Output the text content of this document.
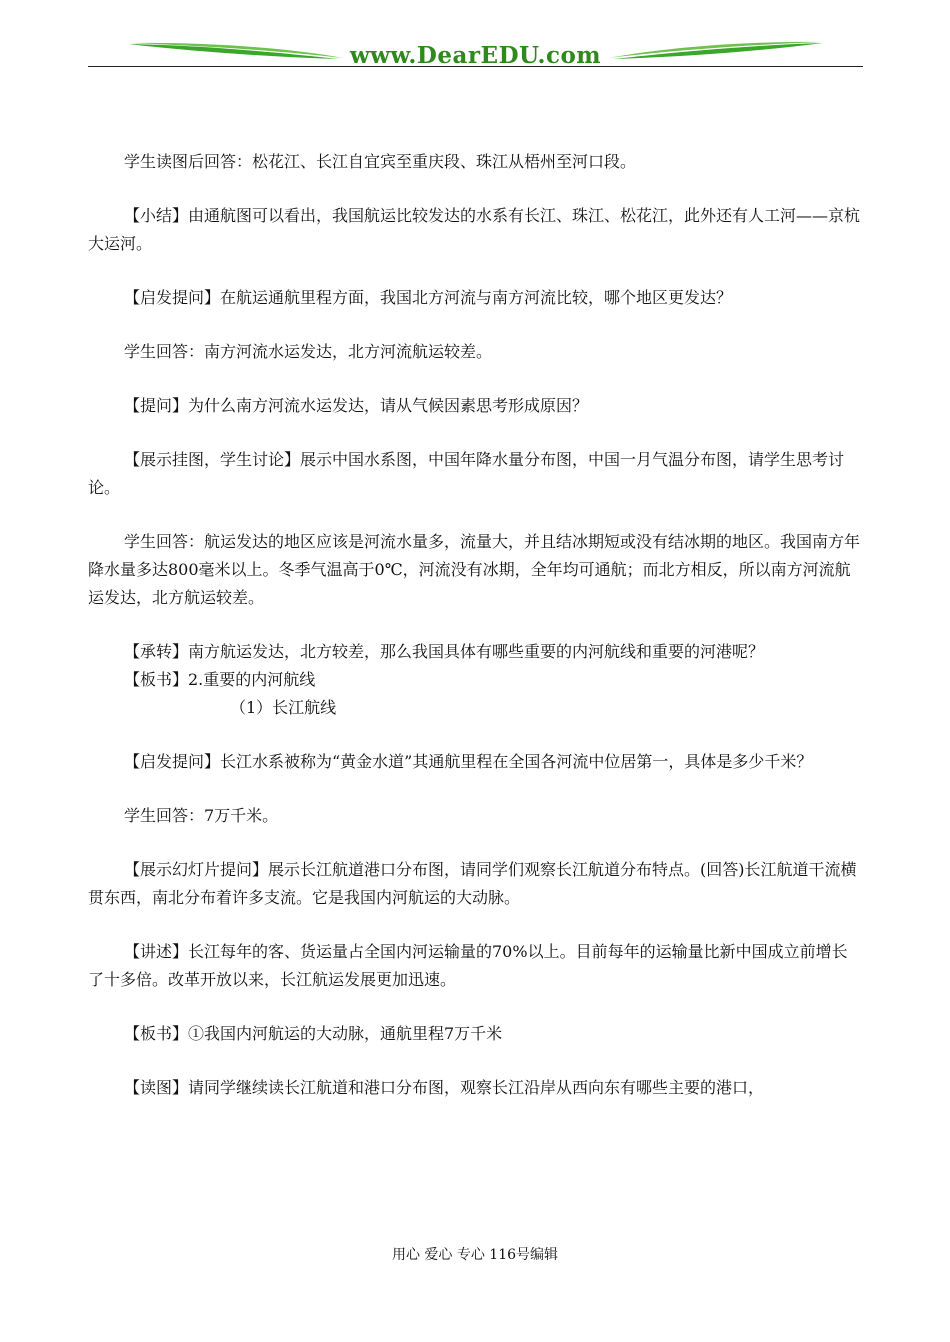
www.DearEDU.com

学生读图后回答：松花江、长江自宜宾至重庆段、珠江从梧州至河口段。

【小结】由通航图可以看出，我国航运比较发达的水系有长江、珠江、松花江，此外还有人工河——京杭大运河。

【启发提问】在航运通航里程方面，我国北方河流与南方河流比较，哪个地区更发达？

学生回答：南方河流水运发达，北方河流航运较差。

【提问】为什么南方河流水运发达，请从气候因素思考形成原因？

【展示挂图，学生讨论】展示中国水系图，中国年降水量分布图，中国一月气温分布图，请学生思考讨论。

学生回答：航运发达的地区应该是河流水量多，流量大，并且结冰期短或没有结冰期的地区。我国南方年降水量多达800毫米以上。冬季气温高于0℃，河流没有冰期，全年均可通航；而北方相反，所以南方河流航运发达，北方航运较差。

【承转】南方航运发达，北方较差，那么我国具体有哪些重要的内河航线和重要的河港呢？

【板书】2.重要的内河航线

（1）长江航线

【启发提问】长江水系被称为“黄金水道”其通航里程在全国各河流中位居第一，具体是多少千米？

学生回答：7万千米。

【展示幻灯片提问】展示长江航道港口分布图，请同学们观察长江航道分布特点。(回答)长江航道干流横贯东西，南北分布着许多支流。它是我国内河航运的大动脉。

【讲述】长江每年的客、货运量占全国内河运输量的70%以上。目前每年的运输量比新中国成立前增长了十多倍。改革开放以来，长江航运发展更加迅速。

【板书】①我国内河航运的大动脉，通航里程7万千米

【读图】请同学继续读长江航道和港口分布图，观察长江沿岸从西向东有哪些主要的港口，

用心 爱心 专心 116号编辑
